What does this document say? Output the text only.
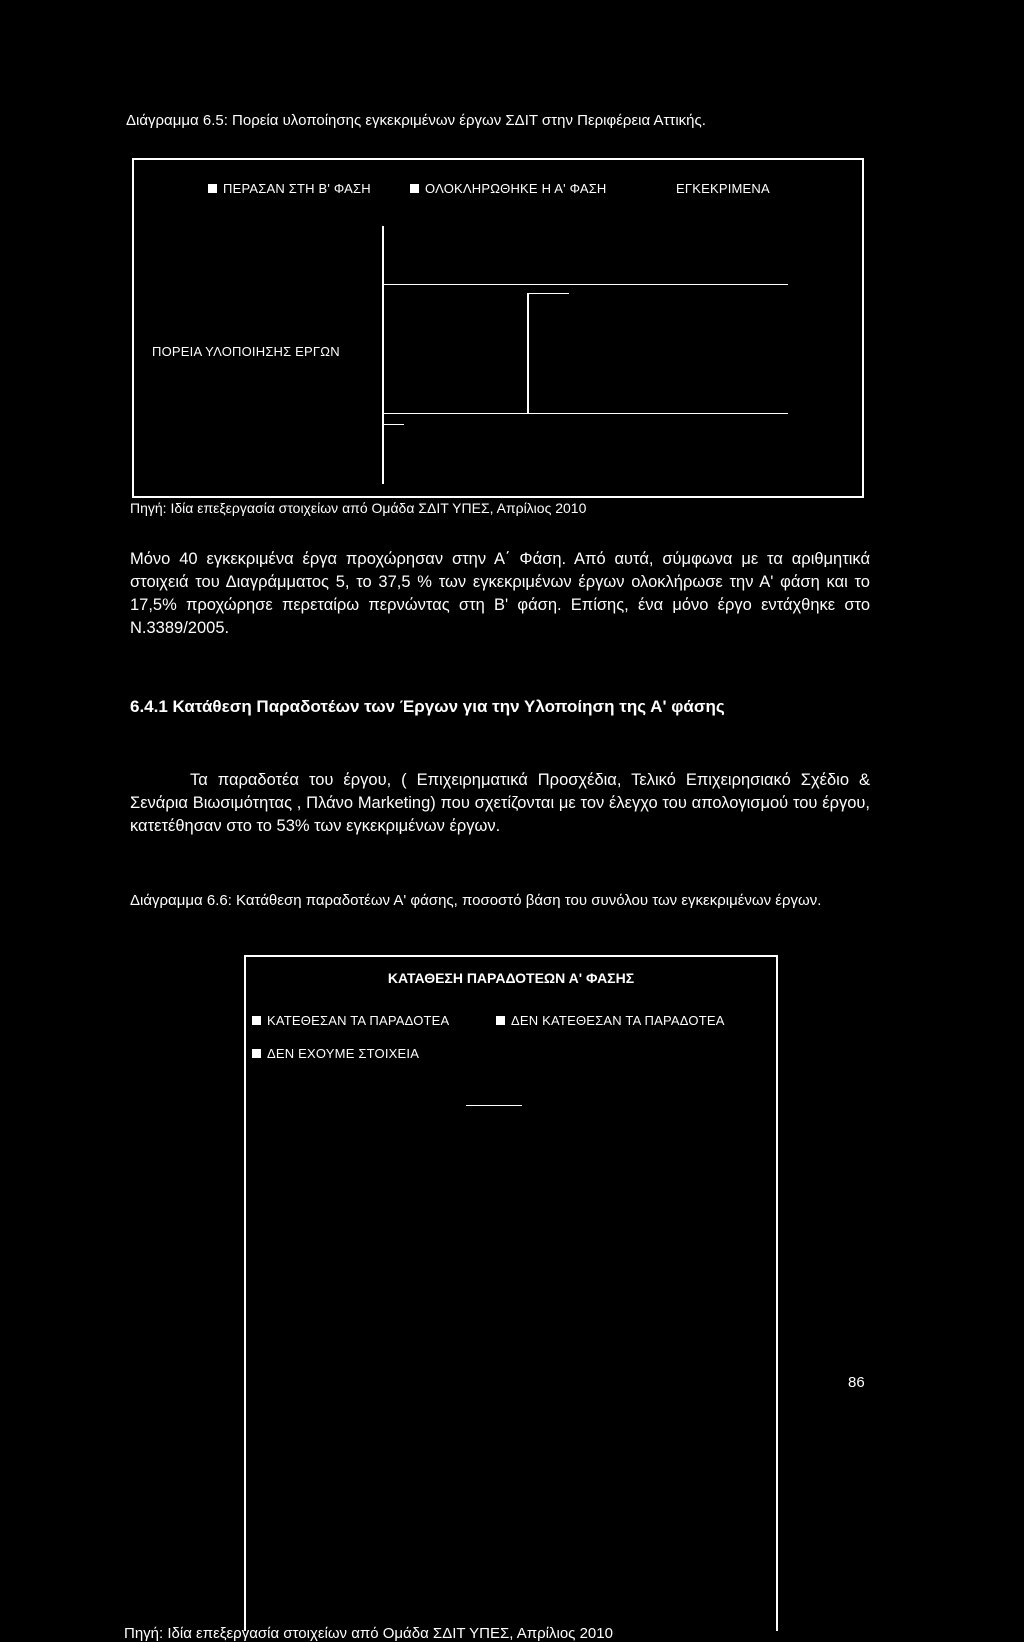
Διάγραμμα 6.5: Πορεία υλοποίησης εγκεκριμένων έργων ΣΔΙΤ στην Περιφέρεια Αττικής.
ΠΕΡΑΣΑΝ ΣΤΗ Β' ΦΑΣΗ	ΟΛΟΚΛΗΡΩΘΗΚΕ Η Α' ΦΑΣΗ	ΕΓΚΕΚΡΙΜΕΝΑ
ΠΟΡΕΙΑ ΥΛΟΠΟΙΗΣΗΣ ΕΡΓΩΝ
Πηγή: Ιδία επεξεργασία στοιχείων από Ομάδα ΣΔΙΤ ΥΠΕΣ, Απρίλιος 2010
Μόνο 40 εγκεκριμένα έργα προχώρησαν στην Α΄ Φάση. Από αυτά, σύμφωνα με τα αριθμητικά στοιχειά του Διαγράμματος 5, το 37,5 % των εγκεκριμένων έργων ολοκλήρωσε την Α' φάση και το 17,5% προχώρησε περεταίρω περνώντας στη Β' φάση. Επίσης, ένα μόνο έργο εντάχθηκε στο Ν.3389/2005.
6.4.1 Κατάθεση Παραδοτέων των Έργων για την Υλοποίηση της Α' φάσης
Τα παραδοτέα του έργου, ( Επιχειρηματικά Προσχέδια, Τελικό Επιχειρησιακό Σχέδιο & Σενάρια Βιωσιμότητας , Πλάνο Marketing) που σχετίζονται με τον έλεγχο του απολογισμού του έργου, κατετέθησαν στο το 53% των εγκεκριμένων έργων.
Διάγραμμα 6.6: Κατάθεση παραδοτέων Α' φάσης, ποσοστό βάση του συνόλου των εγκεκριμένων έργων.
ΚΑΤΑΘΕΣΗ ΠΑΡΑΔΟΤΕΩΝ Α' ΦΑΣΗΣ
ΚΑΤΕΘΕΣΑΝ ΤΑ ΠΑΡΑΔΟΤΕΑ	ΔΕΝ ΚΑΤΕΘΕΣΑΝ ΤΑ ΠΑΡΑΔΟΤΕΑ
ΔΕΝ ΕΧΟΥΜΕ ΣΤΟΙΧΕΙΑ
Πηγή: Ιδία επεξεργασία στοιχείων από Ομάδα ΣΔΙΤ ΥΠΕΣ, Απρίλιος 2010
86
